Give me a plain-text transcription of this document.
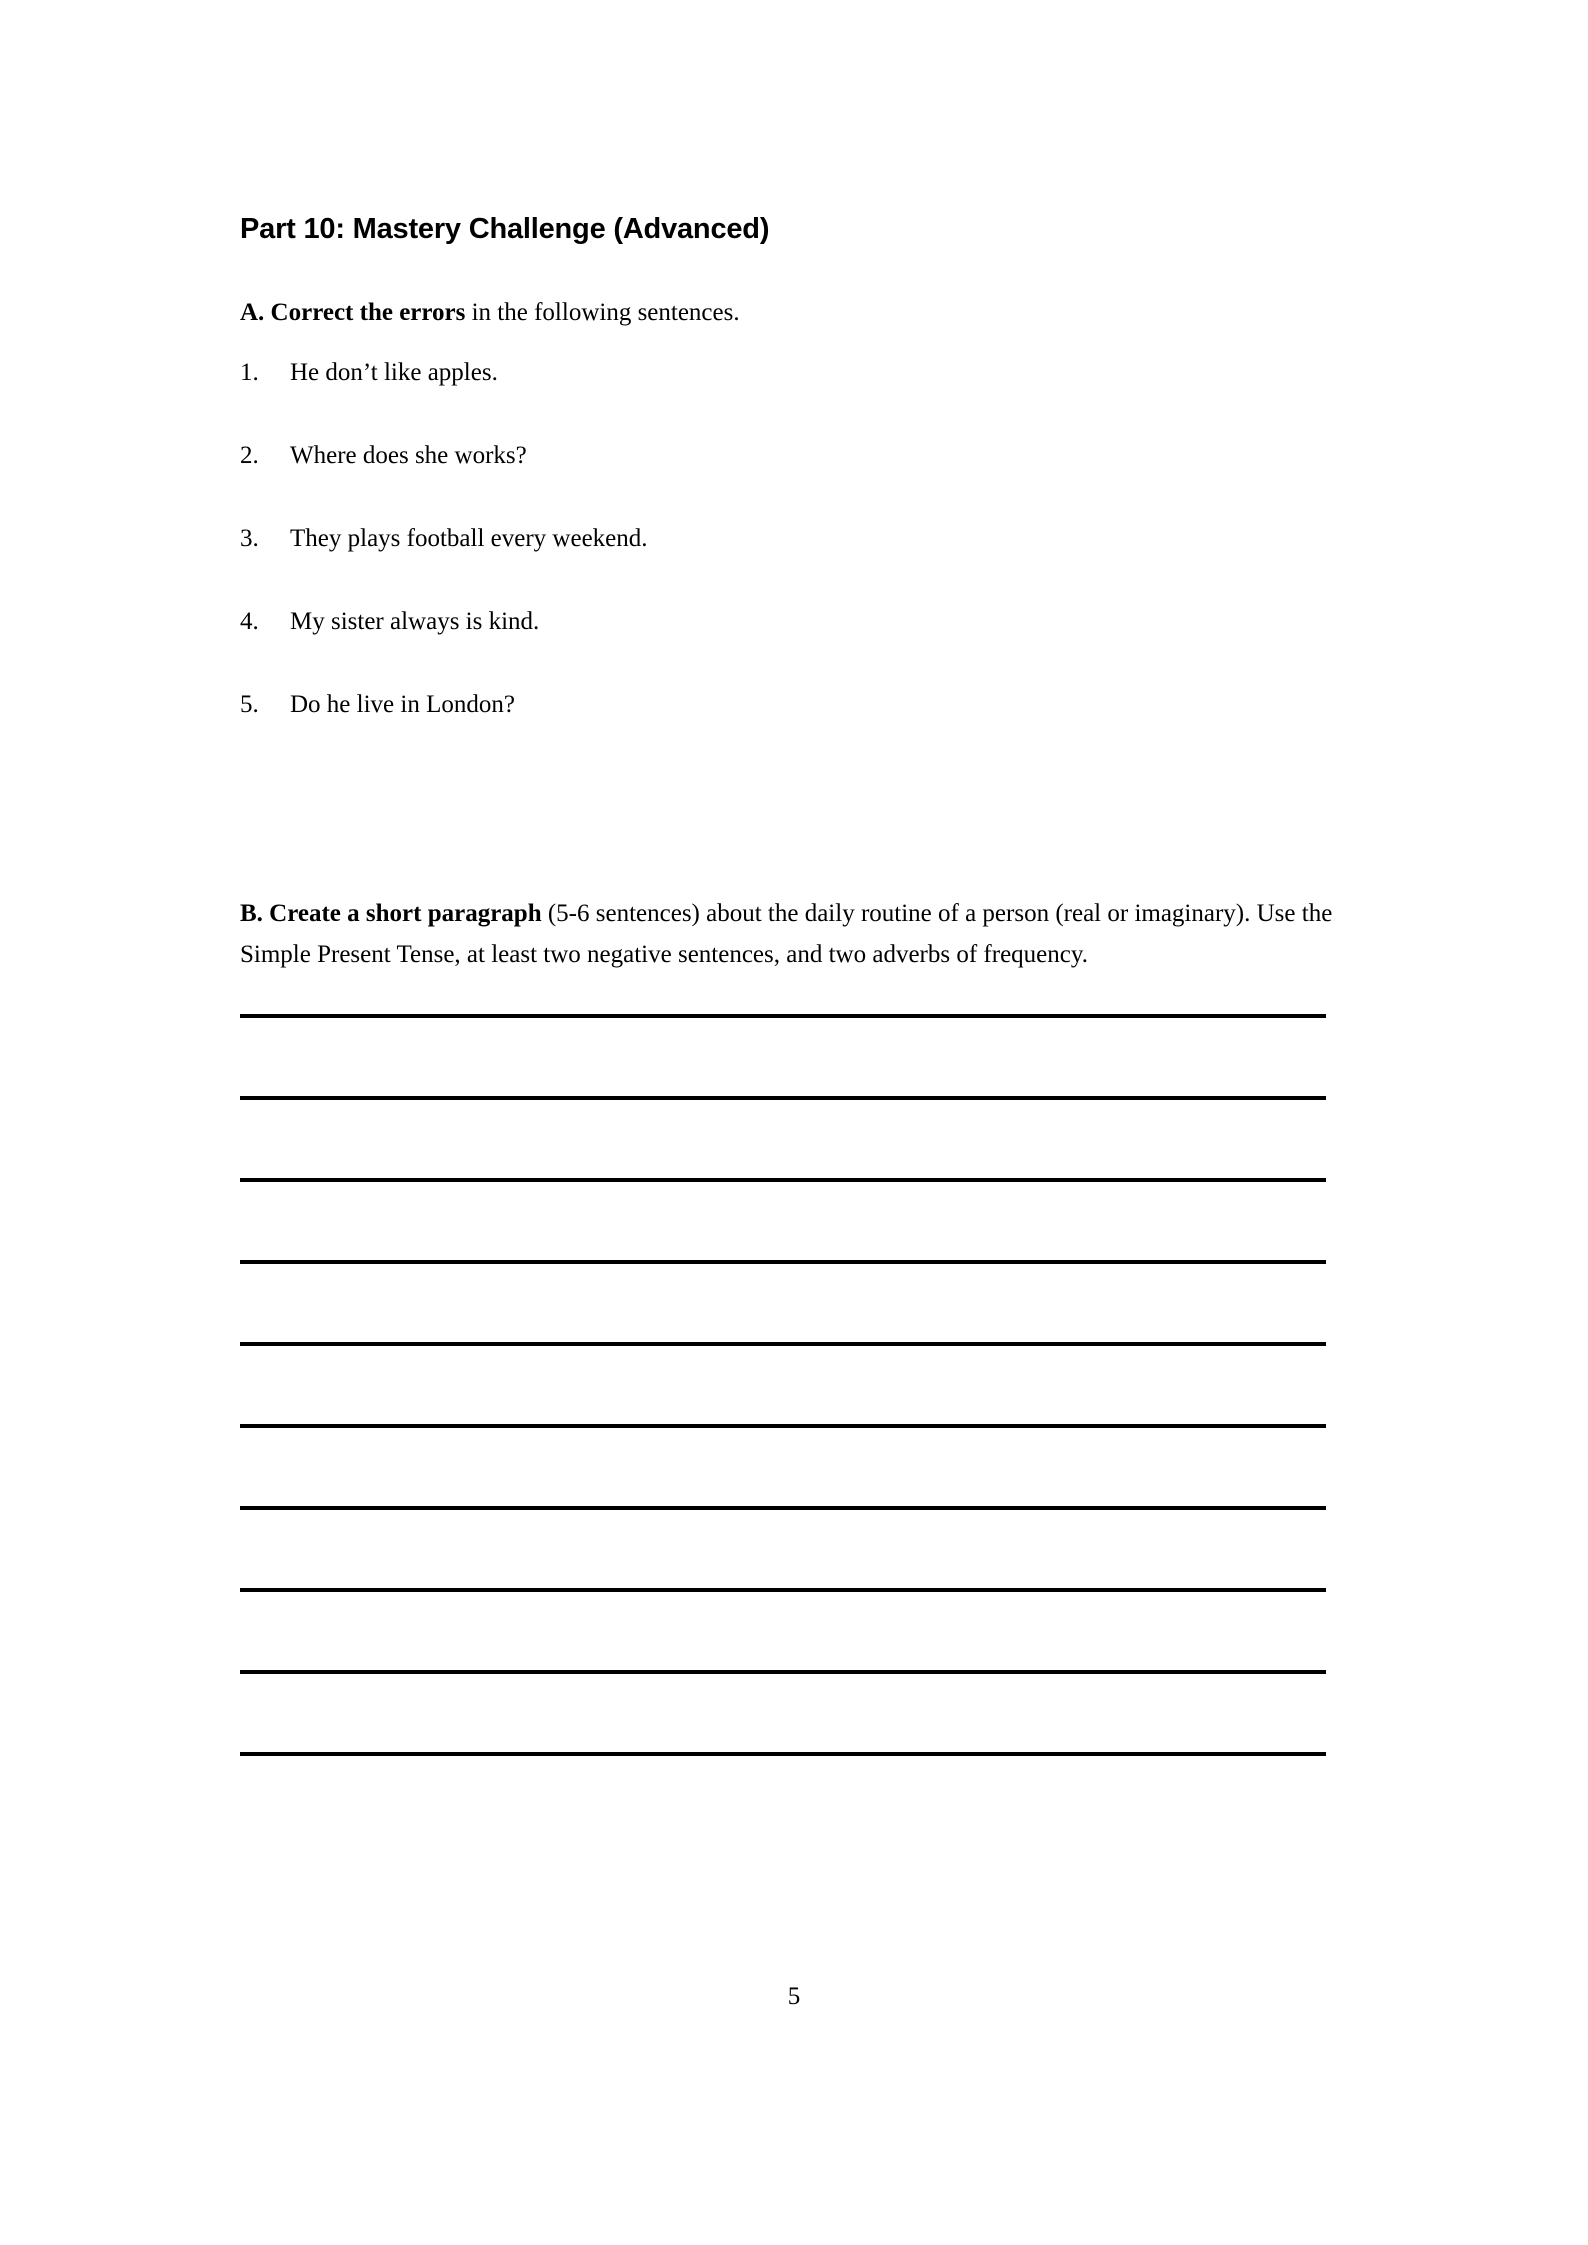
Part 10: Mastery Challenge (Advanced)

A. Correct the errors in the following sentences.

1.	He don’t like apples.
2.	Where does she works?
3.	They plays football every weekend.
4.	My sister always is kind.
5.	Do he live in London?

B. Create a short paragraph (5-6 sentences) about the daily routine of a person (real or imaginary). Use the Simple Present Tense, at least two negative sentences, and two adverbs of frequency.

5
